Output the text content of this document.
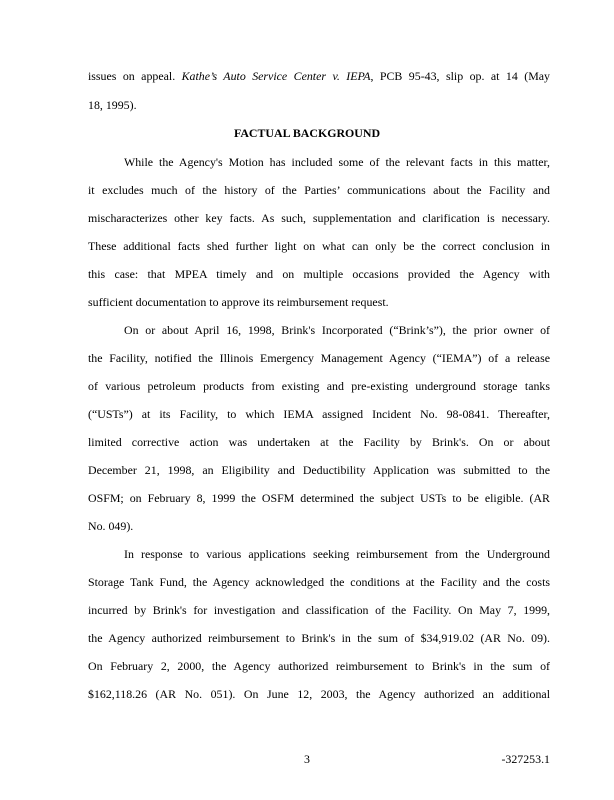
issues on appeal. Kathe’s Auto Service Center v. IEPA, PCB 95-43, slip op. at 14 (May
18, 1995).
FACTUAL BACKGROUND
While the Agency's Motion has included some of the relevant facts in this matter,
it excludes much of the history of the Parties’ communications about the Facility and
mischaracterizes other key facts. As such, supplementation and clarification is necessary.
These additional facts shed further light on what can only be the correct conclusion in
this case: that MPEA timely and on multiple occasions provided the Agency with
sufficient documentation to approve its reimbursement request.
On or about April 16, 1998, Brink's Incorporated (“Brink’s”), the prior owner of
the Facility, notified the Illinois Emergency Management Agency (“IEMA”) of a release
of various petroleum products from existing and pre-existing underground storage tanks
(“USTs”) at its Facility, to which IEMA assigned Incident No. 98-0841. Thereafter,
limited corrective action was undertaken at the Facility by Brink's. On or about
December 21, 1998, an Eligibility and Deductibility Application was submitted to the
OSFM; on February 8, 1999 the OSFM determined the subject USTs to be eligible. (AR
No. 049).
In response to various applications seeking reimbursement from the Underground
Storage Tank Fund, the Agency acknowledged the conditions at the Facility and the costs
incurred by Brink's for investigation and classification of the Facility. On May 7, 1999,
the Agency authorized reimbursement to Brink's in the sum of $34,919.02 (AR No. 09).
On February 2, 2000, the Agency authorized reimbursement to Brink's in the sum of
$162,118.26 (AR No. 051). On June 12, 2003, the Agency authorized an additional
3	-327253.1
